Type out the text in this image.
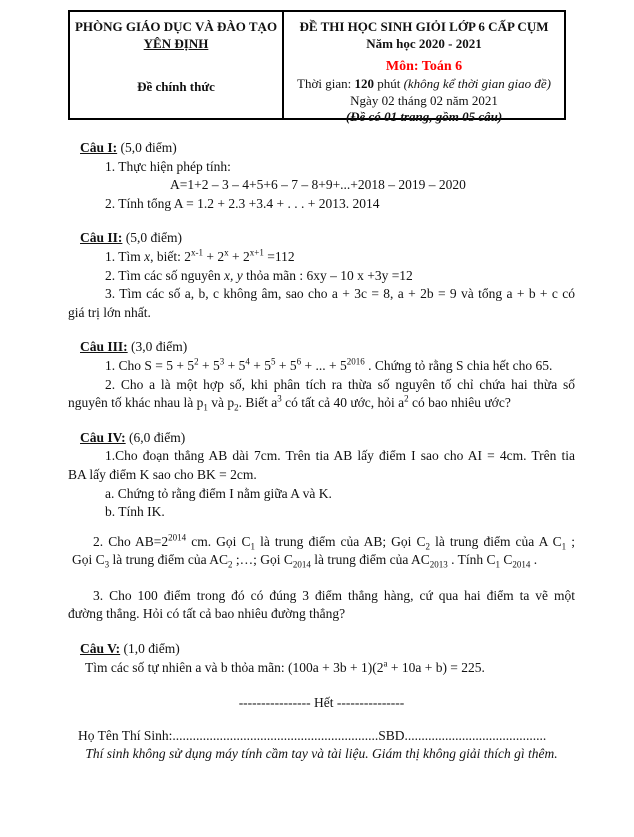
PHÒNG GIÁO DỤC VÀ ĐÀO TẠO
YÊN ĐỊNH
Đề chính thức
ĐỀ THI HỌC SINH GIỎI LỚP 6 CẤP CỤM
Năm học 2020 - 2021
Môn: Toán 6
Thời gian: 120 phút (không kể thời gian giao đề)
Ngày 02 tháng 02 năm 2021
(Đề có 01 trang, gồm 05 câu)
Câu I: (5,0 điểm)
1. Thực hiện phép tính:
A=1+2 – 3 – 4+5+6 – 7 – 8+9+...+2018 – 2019 – 2020
2. Tính tổng A = 1.2 + 2.3 +3.4 + . . . + 2013. 2014
Câu II: (5,0 điểm)
1. Tìm x, biết: $2^{x-1} + 2^x + 2^{x+1} =112$
2. Tìm các số nguyên x, y thỏa mãn : 6xy – 10 x +3y =12
3. Tìm các số a, b, c không âm, sao cho a + 3c = 8, a + 2b = 9 và tổng a + b + c có
giá trị lớn nhất.
Câu III: (3,0 điểm)
1. Cho $S = 5 + 5^2 + 5^3 + 5^4 + 5^5 + 5^6$ + ... + $5^{2016}$ . Chứng tỏ rằng S chia hết cho 65.
2. Cho a là một hợp số, khi phân tích ra thừa số nguyên tố chỉ chứa hai thừa số
nguyên tố khác nhau là $p_1$ và $p_2$. Biết $a^3$ có tất cả 40 ước, hỏi $a^2$ có bao nhiêu ước?
Câu IV: (6,0 điểm)
1.Cho đoạn thẳng AB dài 7cm. Trên tia AB lấy điểm I sao cho AI = 4cm. Trên tia
BA lấy điểm K sao cho BK = 2cm.
a. Chứng tỏ rằng điểm I nằm giữa A và K.
b. Tính IK.
2. Cho $AB=2^{2014}$ cm. Gọi $C_1$ là trung điểm của AB; Gọi $C_2$ là trung điểm của A $C_1$ ;
Gọi $C_3$ là trung điểm của $AC_2$ ;…; Gọi $C_{2014}$ là trung điểm của $AC_{2013}$ . Tính $C_1$ $C_{2014}$ .
3. Cho 100 điểm trong đó có đúng 3 điểm thẳng hàng, cứ qua hai điểm ta vẽ một
đường thẳng. Hỏi có tất cả bao nhiêu đường thẳng?
Câu V: (1,0 điểm)
Tìm các số tự nhiên a và b thỏa mãn: $(100a + 3b + 1)(2^a + 10a + b) = 225$.
---------------- Hết ---------------
Họ Tên Thí Sinh:.............................................................SBD..........................................
Thí sinh không sử dụng máy tính cầm tay và tài liệu. Giám thị không giải thích gì thêm.
